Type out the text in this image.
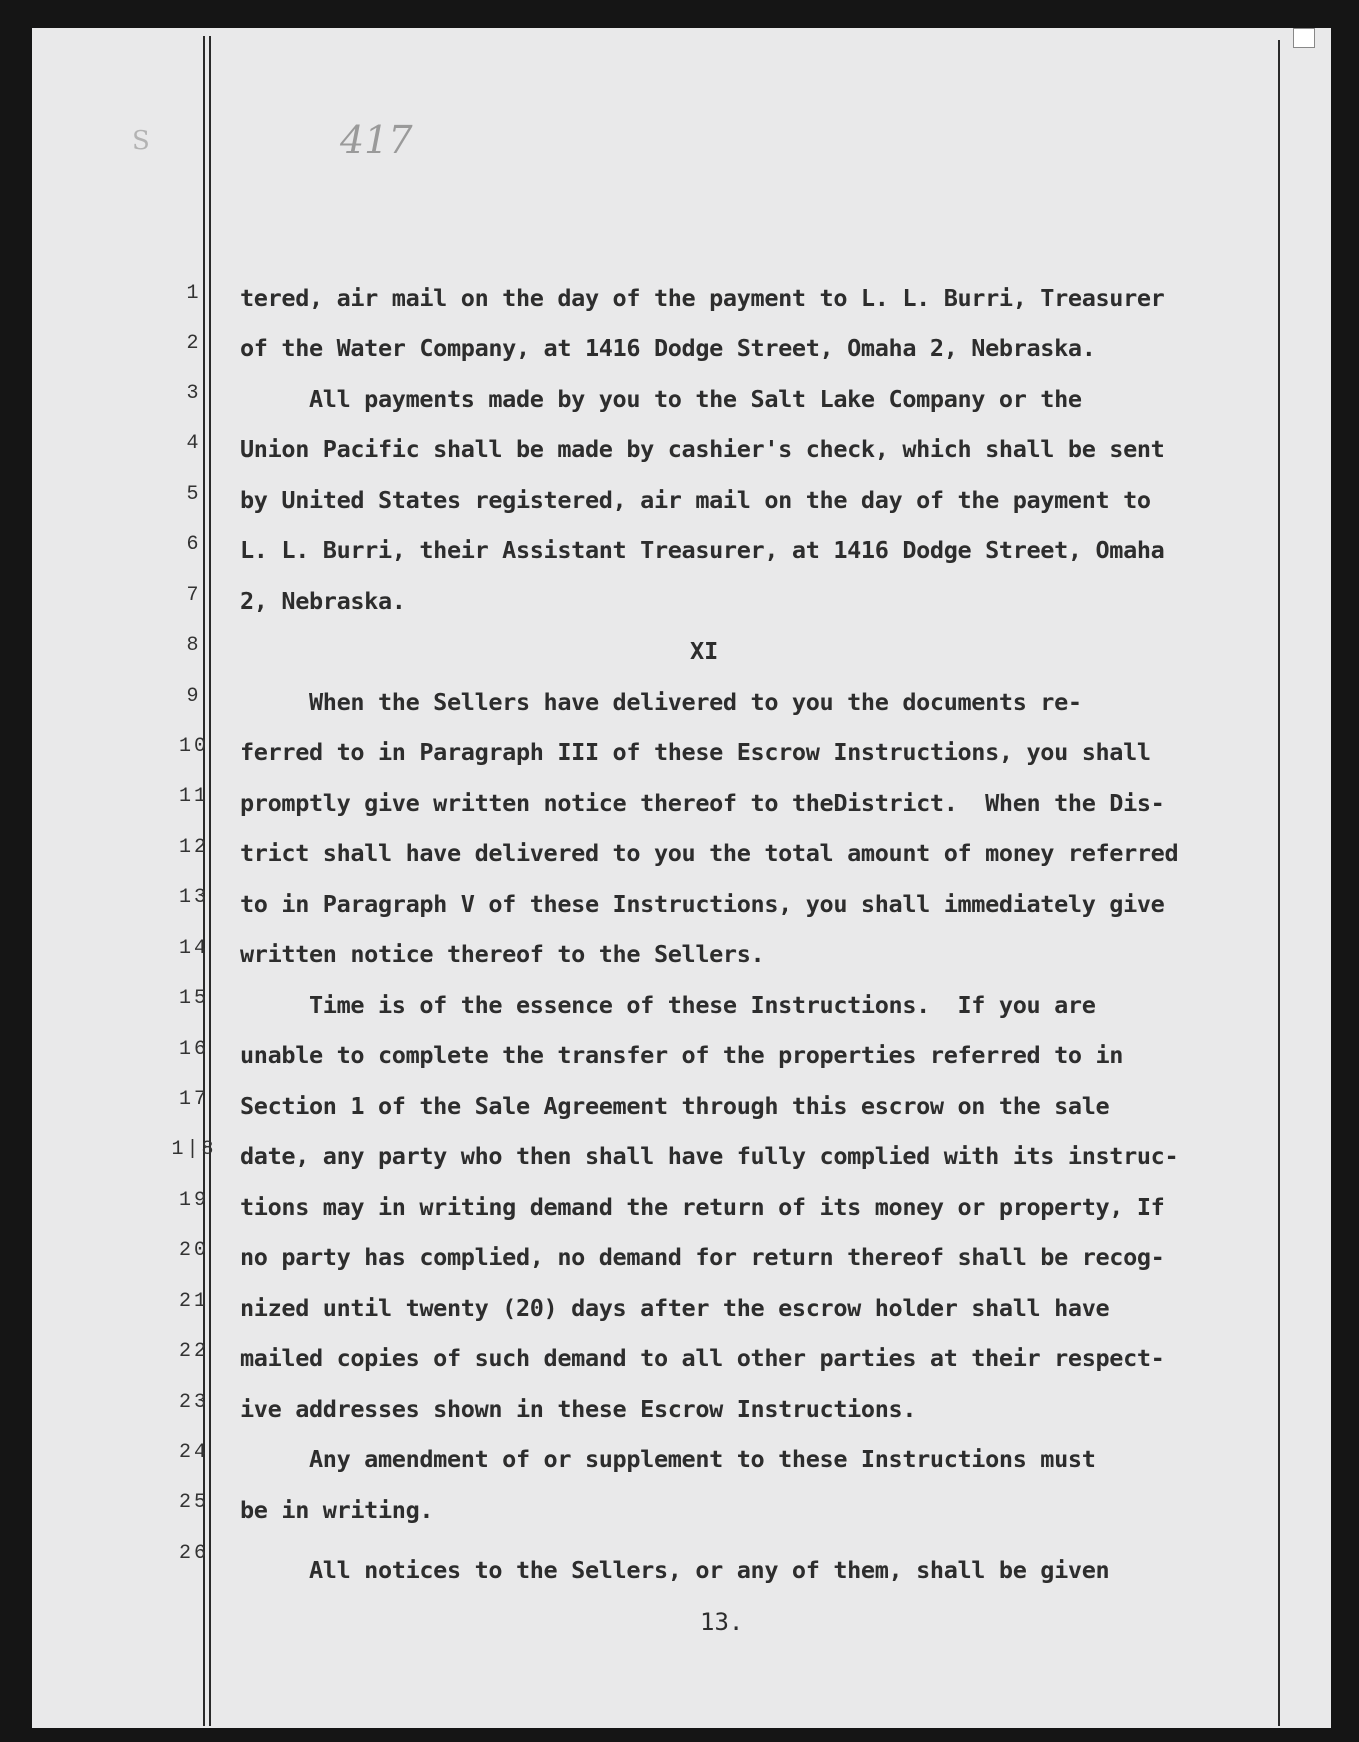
S	417
1
2
3
4
5
6
7
8
9
10
11
12
13
14
15
16
17
1|8
19
20
21
22
23
24
25
26
tered, air mail on the day of the payment to L. L. Burri, Treasurer
of the Water Company, at 1416 Dodge Street, Omaha 2, Nebraska.
All payments made by you to the Salt Lake Company or the
Union Pacific shall be made by cashier's check, which shall be sent
by United States registered, air mail on the day of the payment to
L. L. Burri, their Assistant Treasurer, at 1416 Dodge Street, Omaha
2, Nebraska.
XI
When the Sellers have delivered to you the documents re-
ferred to in Paragraph III of these Escrow Instructions, you shall
promptly give written notice thereof to theDistrict.  When the Dis-
trict shall have delivered to you the total amount of money referred
to in Paragraph V of these Instructions, you shall immediately give
written notice thereof to the Sellers.
Time is of the essence of these Instructions.  If you are
unable to complete the transfer of the properties referred to in
Section 1 of the Sale Agreement through this escrow on the sale
date, any party who then shall have fully complied with its instruc-
tions may in writing demand the return of its money or property, If
no party has complied, no demand for return thereof shall be recog-
nized until twenty (20) days after the escrow holder shall have
mailed copies of such demand to all other parties at their respect-
ive addresses shown in these Escrow Instructions.
Any amendment of or supplement to these Instructions must
be in writing.
All notices to the Sellers, or any of them, shall be given
13.
